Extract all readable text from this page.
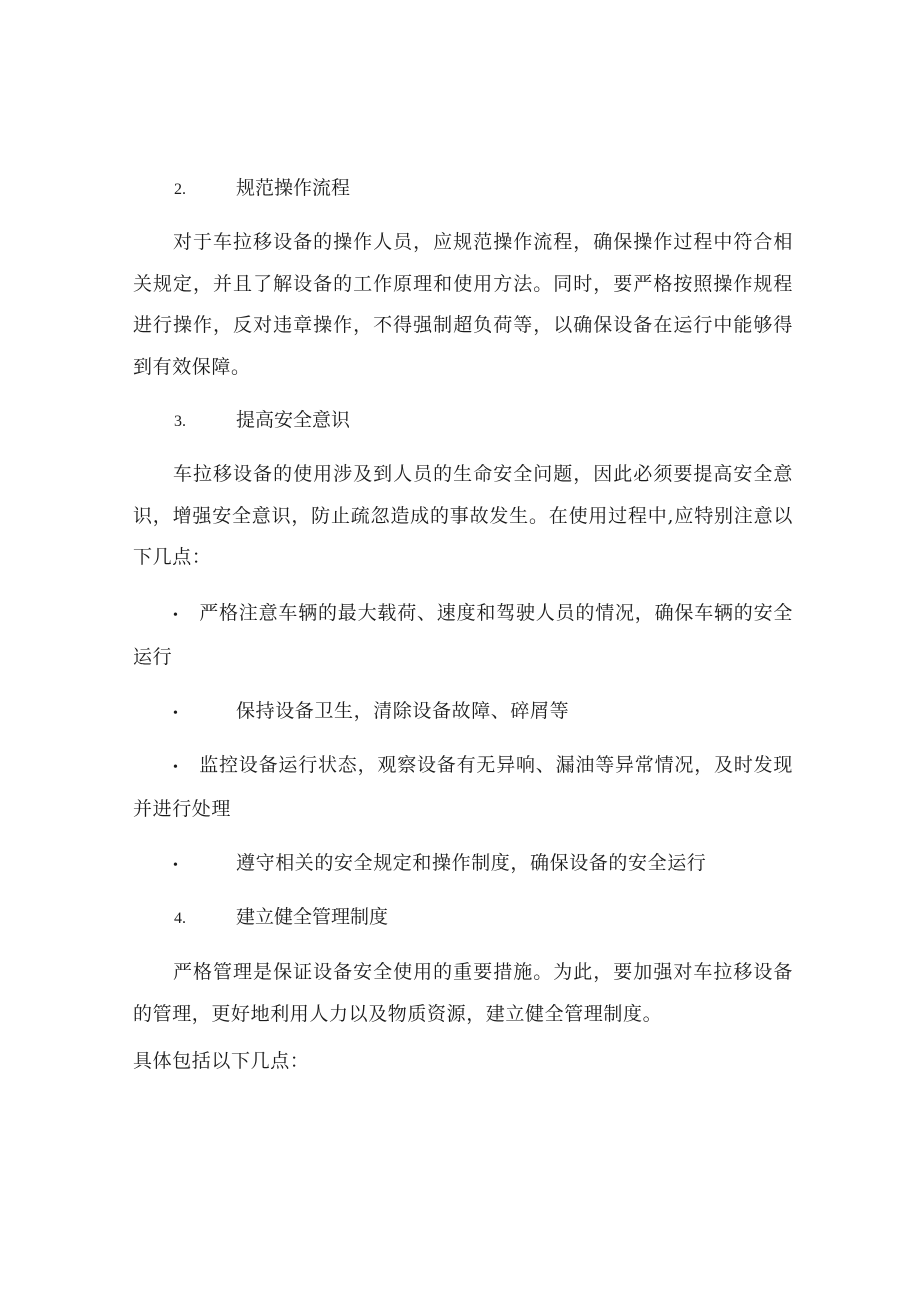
2.	规范操作流程
对于车拉移设备的操作人员，应规范操作流程，确保操作过程中符合相关规定，并且了解设备的工作原理和使用方法。同时，要严格按照操作规程进行操作，反对违章操作，不得强制超负荷等，以确保设备在运行中能够得到有效保障。
3.	提高安全意识
车拉移设备的使用涉及到人员的生命安全问题，因此必须要提高安全意识，增强安全意识，防止疏忽造成的事故发生。在使用过程中,应特别注意以下几点：
• 严格注意车辆的最大载荷、速度和驾驶人员的情况，确保车辆的安全运行
•	保持设备卫生，清除设备故障、碎屑等
• 监控设备运行状态，观察设备有无异响、漏油等异常情况，及时发现并进行处理
•	遵守相关的安全规定和操作制度，确保设备的安全运行
4.	建立健全管理制度
严格管理是保证设备安全使用的重要措施。为此，要加强对车拉移设备的管理，更好地利用人力以及物质资源，建立健全管理制度。
具体包括以下几点：
